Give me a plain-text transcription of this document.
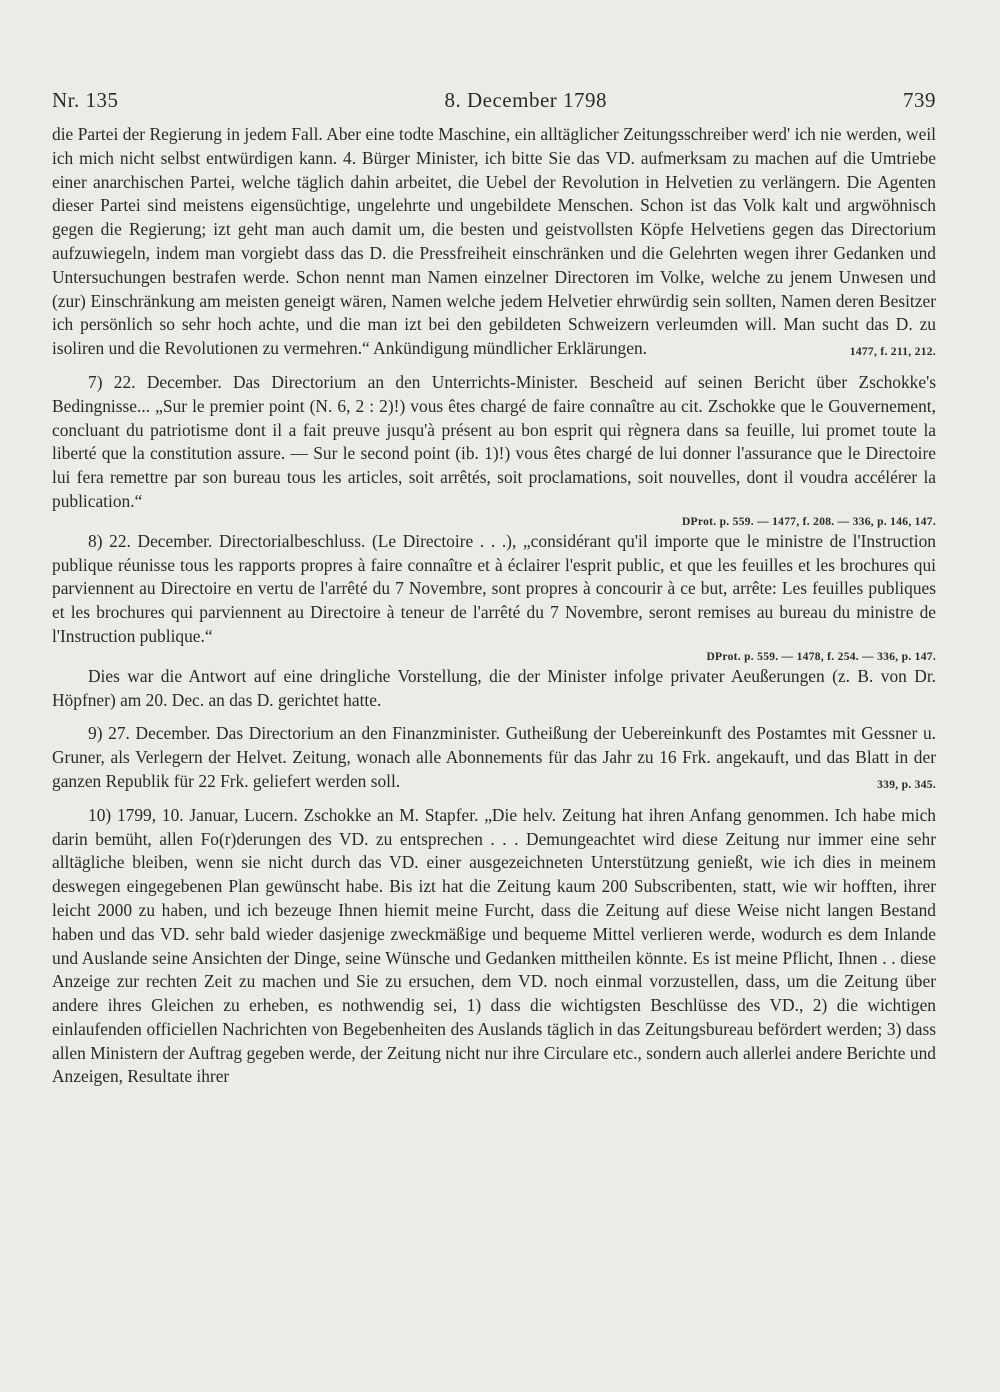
Nr. 135	8. December 1798	739

die Partei der Regierung in jedem Fall. Aber eine todte Maschine, ein alltäglicher Zeitungsschreiber werd' ich nie werden, weil ich mich nicht selbst entwürdigen kann. 4. Bürger Minister, ich bitte Sie das VD. aufmerksam zu machen auf die Umtriebe einer anarchischen Partei, welche täglich dahin arbeitet, die Uebel der Revolution in Helvetien zu verlängern. Die Agenten dieser Partei sind meistens eigensüchtige, ungelehrte und ungebildete Menschen. Schon ist das Volk kalt und argwöhnisch gegen die Regierung; izt geht man auch damit um, die besten und geistvollsten Köpfe Helvetiens gegen das Directorium aufzuwiegeln, indem man vorgiebt dass das D. die Pressfreiheit einschränken und die Gelehrten wegen ihrer Gedanken und Untersuchungen bestrafen werde. Schon nennt man Namen einzelner Directoren im Volke, welche zu jenem Unwesen und (zur) Einschränkung am meisten geneigt wären, Namen welche jedem Helvetier ehrwürdig sein sollten, Namen deren Besitzer ich persönlich so sehr hoch achte, und die man izt bei den gebildeten Schweizern verleumden will. Man sucht das D. zu isoliren und die Revolutionen zu vermehren.“ Ankündigung mündlicher Erklärungen.	1477, f. 211, 212.

7) 22. December. Das Directorium an den Unterrichts-Minister. Bescheid auf seinen Bericht über Zschokke's Bedingnisse... „Sur le premier point (N. 6, 2 : 2)!) vous êtes chargé de faire connaître au cit. Zschokke que le Gouvernement, concluant du patriotisme dont il a fait preuve jusqu'à présent au bon esprit qui règnera dans sa feuille, lui promet toute la liberté que la constitution assure. — Sur le second point (ib. 1)!) vous êtes chargé de lui donner l'assurance que le Directoire lui fera remettre par son bureau tous les articles, soit arrêtés, soit proclamations, soit nouvelles, dont il voudra accélérer la publication.“

DProt. p. 559. — 1477, f. 208. — 336, p. 146, 147.

8) 22. December. Directorialbeschluss. (Le Directoire . . .), „considérant qu'il importe que le ministre de l'Instruction publique réunisse tous les rapports propres à faire connaître et à éclairer l'esprit public, et que les feuilles et les brochures qui parviennent au Directoire en vertu de l'arrêté du 7 Novembre, sont propres à concourir à ce but, arrête: Les feuilles publiques et les brochures qui parviennent au Directoire à teneur de l'arrêté du 7 Novembre, seront remises au bureau du ministre de l'Instruction publique.“

DProt. p. 559. — 1478, f. 254. — 336, p. 147.

Dies war die Antwort auf eine dringliche Vorstellung, die der Minister infolge privater Aeußerungen (z. B. von Dr. Höpfner) am 20. Dec. an das D. gerichtet hatte.

9) 27. December. Das Directorium an den Finanzminister. Gutheißung der Uebereinkunft des Postamtes mit Gessner u. Gruner, als Verlegern der Helvet. Zeitung, wonach alle Abonnements für das Jahr zu 16 Frk. angekauft, und das Blatt in der ganzen Republik für 22 Frk. geliefert werden soll.	339, p. 345.

10) 1799, 10. Januar, Lucern. Zschokke an M. Stapfer. „Die helv. Zeitung hat ihren Anfang genommen. Ich habe mich darin bemüht, allen Fo(r)derungen des VD. zu entsprechen . . . Demungeachtet wird diese Zeitung nur immer eine sehr alltägliche bleiben, wenn sie nicht durch das VD. einer ausgezeichneten Unterstützung genießt, wie ich dies in meinem deswegen eingegebenen Plan gewünscht habe. Bis izt hat die Zeitung kaum 200 Subscribenten, statt, wie wir hofften, ihrer leicht 2000 zu haben, und ich bezeuge Ihnen hiemit meine Furcht, dass die Zeitung auf diese Weise nicht langen Bestand haben und das VD. sehr bald wieder dasjenige zweckmäßige und bequeme Mittel verlieren werde, wodurch es dem Inlande und Auslande seine Ansichten der Dinge, seine Wünsche und Gedanken mittheilen könnte. Es ist meine Pflicht, Ihnen . . diese Anzeige zur rechten Zeit zu machen und Sie zu ersuchen, dem VD. noch einmal vorzustellen, dass, um die Zeitung über andere ihres Gleichen zu erheben, es nothwendig sei, 1) dass die wichtigsten Beschlüsse des VD., 2) die wichtigen einlaufenden officiellen Nachrichten von Begebenheiten des Auslands täglich in das Zeitungsbureau befördert werden; 3) dass allen Ministern der Auftrag gegeben werde, der Zeitung nicht nur ihre Circulare etc., sondern auch allerlei andere Berichte und Anzeigen, Resultate ihrer
